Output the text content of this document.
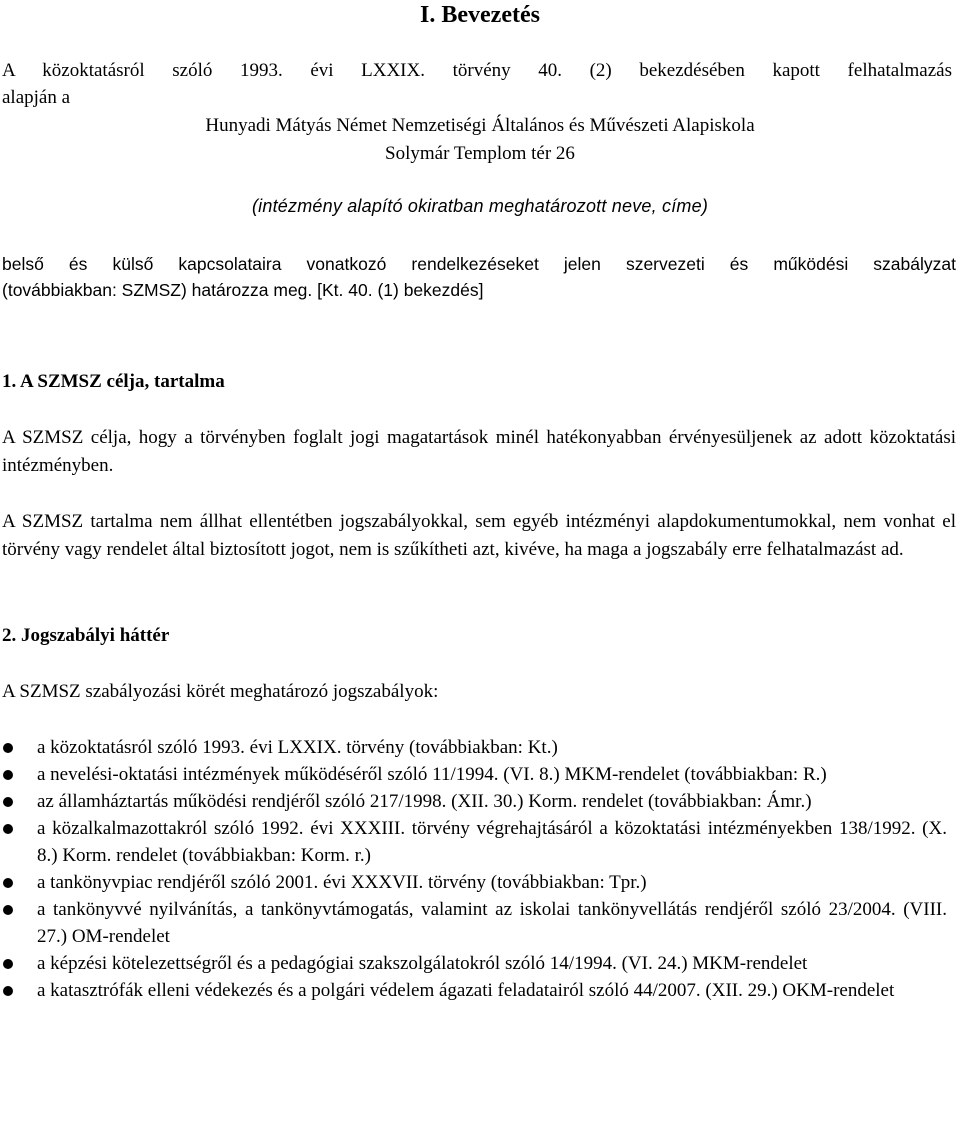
I. Bevezetés
A közoktatásról szóló 1993. évi LXXIX. törvény 40. (2) bekezdésében kapott felhatalmazás
alapján a
Hunyadi Mátyás Német Nemzetiségi Általános és Művészeti Alapiskola
Solymár Templom tér 26
(intézmény alapító okiratban meghatározott neve, címe)
belső és külső kapcsolataira vonatkozó rendelkezéseket jelen szervezeti és működési szabályzat
(továbbiakban: SZMSZ) határozza meg. [Kt. 40. (1) bekezdés]
1. A SZMSZ célja, tartalma
A SZMSZ célja, hogy a törvényben foglalt jogi magatartások minél hatékonyabban érvényesüljenek az adott közoktatási intézményben.
A SZMSZ tartalma nem állhat ellentétben jogszabályokkal, sem egyéb intézményi alapdokumentumokkal, nem vonhat el törvény vagy rendelet által biztosított jogot, nem is szűkítheti azt, kivéve, ha maga a jogszabály erre felhatalmazást ad.
2. Jogszabályi háttér
A SZMSZ szabályozási körét meghatározó jogszabályok:
a közoktatásról szóló 1993. évi LXXIX. törvény (továbbiakban: Kt.)
a nevelési-oktatási intézmények működéséről szóló 11/1994. (VI. 8.) MKM-rendelet (továbbiakban: R.)
az államháztartás működési rendjéről szóló 217/1998. (XII. 30.) Korm. rendelet (továbbiakban: Ámr.)
a közalkalmazottakról szóló 1992. évi XXXIII. törvény végrehajtásáról a közoktatási intézményekben 138/1992. (X. 8.) Korm. rendelet (továbbiakban: Korm. r.)
a tankönyvpiac rendjéről szóló 2001. évi XXXVII. törvény (továbbiakban: Tpr.)
a tankönyvvé nyilvánítás, a tankönyvtámogatás, valamint az iskolai tankönyvellátás rendjéről szóló 23/2004. (VIII. 27.) OM-rendelet
a képzési kötelezettségről és a pedagógiai szakszolgálatokról szóló 14/1994. (VI. 24.) MKM-rendelet
a katasztrófák elleni védekezés és a polgári védelem ágazati feladatairól szóló 44/2007. (XII. 29.) OKM-rendelet
